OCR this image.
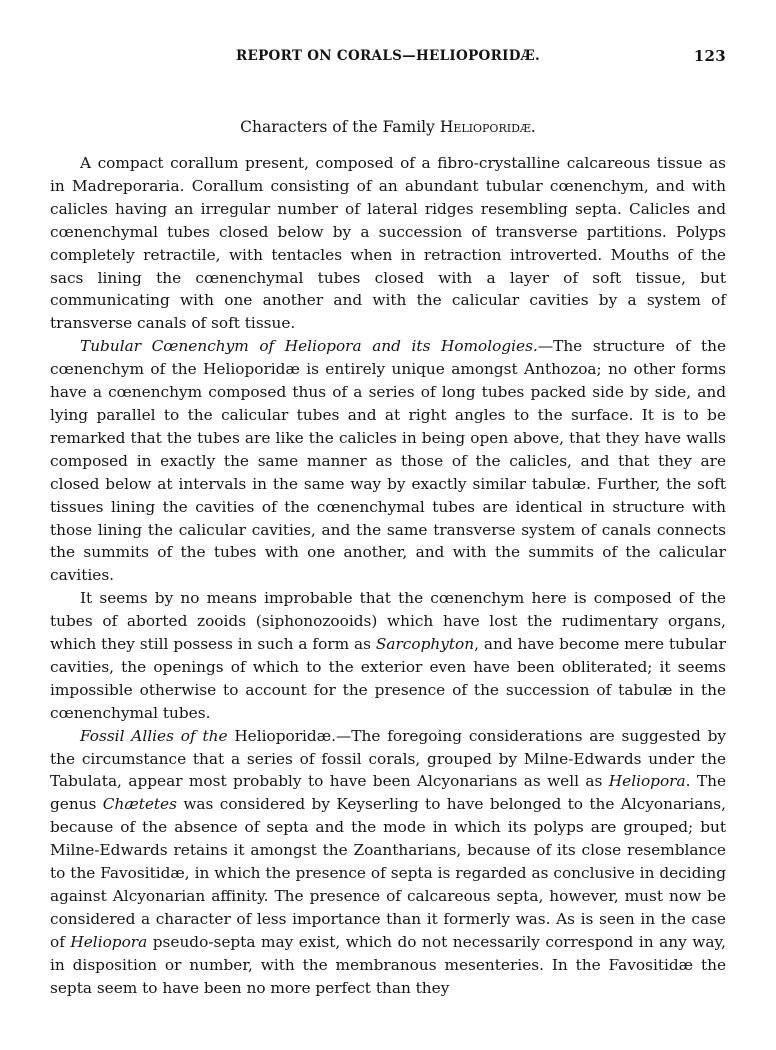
REPORT ON CORALS—HELIOPORIDÆ.	123
Characters of the Family Helioporidæ.

A compact corallum present, composed of a fibro-crystalline calcareous tissue as in Madreporaria. Corallum consisting of an abundant tubular cœnenchym, and with calicles having an irregular number of lateral ridges resembling septa. Calicles and cœnenchymal tubes closed below by a succession of transverse partitions. Polyps completely retractile, with tentacles when in retraction introverted. Mouths of the sacs lining the cœnenchymal tubes closed with a layer of soft tissue, but communicating with one another and with the calicular cavities by a system of transverse canals of soft tissue.

Tubular Cœnenchym of Heliopora and its Homologies.—The structure of the cœnenchym of the Helioporidæ is entirely unique amongst Anthozoa; no other forms have a cœnenchym composed thus of a series of long tubes packed side by side, and lying parallel to the calicular tubes and at right angles to the surface. It is to be remarked that the tubes are like the calicles in being open above, that they have walls composed in exactly the same manner as those of the calicles, and that they are closed below at intervals in the same way by exactly similar tabulæ. Further, the soft tissues lining the cavities of the cœnenchymal tubes are identical in structure with those lining the calicular cavities, and the same transverse system of canals connects the summits of the tubes with one another, and with the summits of the calicular cavities.

It seems by no means improbable that the cœnenchym here is composed of the tubes of aborted zooids (siphonozooids) which have lost the rudimentary organs, which they still possess in such a form as Sarcophyton, and have become mere tubular cavities, the openings of which to the exterior even have been obliterated; it seems impossible otherwise to account for the presence of the succession of tabulæ in the cœnenchymal tubes.

Fossil Allies of the Helioporidæ.—The foregoing considerations are suggested by the circumstance that a series of fossil corals, grouped by Milne-Edwards under the Tabulata, appear most probably to have been Alcyonarians as well as Heliopora. The genus Chætetes was considered by Keyserling to have belonged to the Alcyonarians, because of the absence of septa and the mode in which its polyps are grouped; but Milne-Edwards retains it amongst the Zoantharians, because of its close resemblance to the Favositidæ, in which the presence of septa is regarded as conclusive in deciding against Alcyonarian affinity. The presence of calcareous septa, however, must now be considered a character of less importance than it formerly was. As is seen in the case of Heliopora pseudo-septa may exist, which do not necessarily correspond in any way, in disposition or number, with the membranous mesenteries. In the Favositidæ the septa seem to have been no more perfect than they
